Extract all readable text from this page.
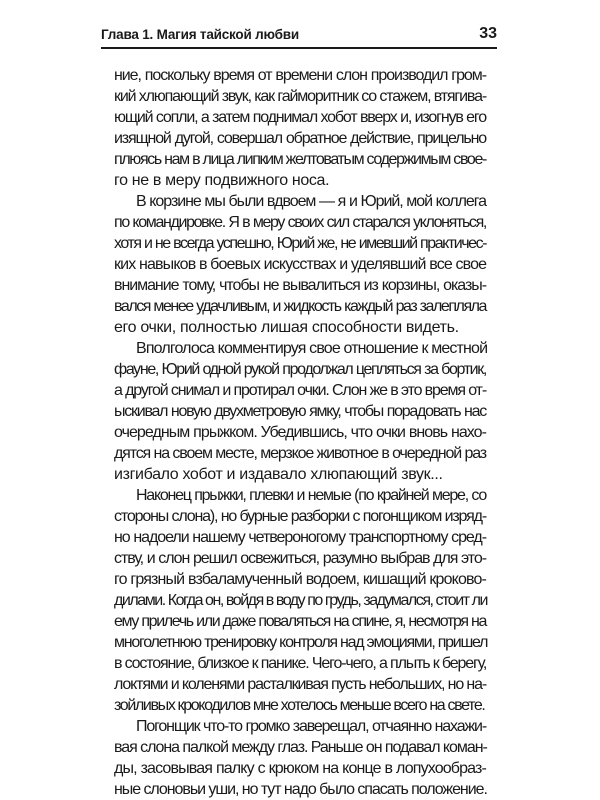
Глава 1. Магия тайской любви	33
ние, поскольку время от времени слон производил гром-
кий хлюпающий звук, как гайморитник со стажем, втягива-
ющий сопли, а затем поднимал хобот вверх и, изогнув его
изящной дугой, совершал обратное действие, прицельно
плюясь нам в лица липким желтоватым содержимым свое-
го не в меру подвижного носа.
В корзине мы были вдвоем — я и Юрий, мой коллега
по командировке. Я в меру своих сил старался уклоняться,
хотя и не всегда успешно, Юрий же, не имевший практичес-
ких навыков в боевых искусствах и уделявший все свое
внимание тому, чтобы не вывалиться из корзины, оказы-
вался менее удачливым, и жидкость каждый раз залепляла
его очки, полностью лишая способности видеть.
Вполголоса комментируя свое отношение к местной
фауне, Юрий одной рукой продолжал цепляться за бортик,
а другой снимал и протирал очки. Слон же в это время от-
ыскивал новую двухметровую ямку, чтобы порадовать нас
очередным прыжком. Убедившись, что очки вновь нахо-
дятся на своем месте, мерзкое животное в очередной раз
изгибало хобот и издавало хлюпающий звук...
Наконец прыжки, плевки и немые (по крайней мере, со
стороны слона), но бурные разборки с погонщиком изряд-
но надоели нашему четвероногому транспортному сред-
ству, и слон решил освежиться, разумно выбрав для это-
го грязный взбаламученный водоем, кишащий кроково-
дилами. Когда он, войдя в воду по грудь, задумался, стоит ли
ему прилечь или даже поваляться на спине, я, несмотря на
многолетнюю тренировку контроля над эмоциями, пришел
в состояние, близкое к панике. Чего-чего, а плыть к берегу,
локтями и коленями расталкивая пусть небольших, но на-
зойливых крокодилов мне хотелось меньше всего на свете.
Погонщик что-то громко заверещал, отчаянно нахажи-
вая слона палкой между глаз. Раньше он подавал коман-
ды, засовывая палку с крюком на конце в лопухообраз-
ные слоновьи уши, но тут надо было спасать положение.
